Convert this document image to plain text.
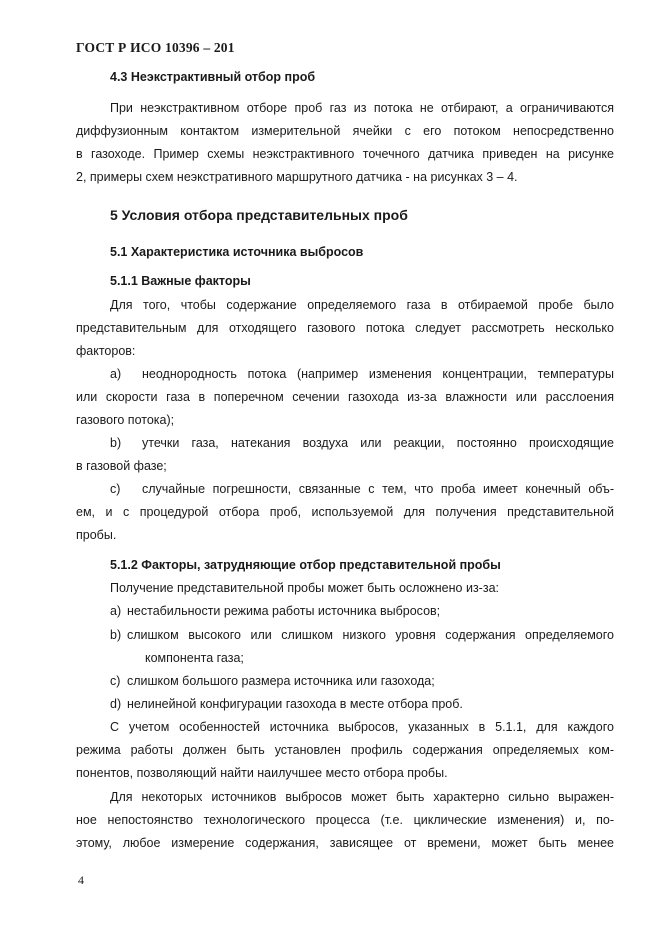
ГОСТ Р ИСО 10396 – 201
4.3 Неэкстрактивный отбор проб
При неэкстрактивном отборе проб газ из потока не отбирают, а ограничиваются
диффузионным контактом измерительной ячейки с его потоком непосредственно
в газоходе. Пример схемы неэкстрактивного точечного датчика приведен на рисунке
2, примеры схем неэкстративного маршрутного датчика - на рисунках 3 – 4.
5 Условия отбора представительных проб
5.1 Характеристика источника выбросов
5.1.1 Важные факторы
Для того, чтобы содержание определяемого газа в отбираемой пробе было
представительным для отходящего газового потока следует рассмотреть несколько
факторов:
a) неоднородность потока (например изменения концентрации, температуры
или скорости газа в поперечном сечении газохода из-за влажности или расслоения
газового потока);
b) утечки газа, натекания воздуха или реакции, постоянно происходящие
в газовой фазе;
c) случайные погрешности, связанные с тем, что проба имеет конечный объ-
ем, и с процедурой отбора проб, используемой для получения представительной
пробы.
5.1.2 Факторы, затрудняющие отбор представительной пробы
Получение представительной пробы может быть осложнено из-за:
a) нестабильности режима работы источника выбросов;
b) слишком высокого или слишком низкого уровня содержания определяемого
компонента газа;
c) слишком большого размера источника или газохода;
d) нелинейной конфигурации газохода в месте отбора проб.
С учетом особенностей источника выбросов, указанных в 5.1.1, для каждого
режима работы должен быть установлен профиль содержания определяемых ком-
понентов, позволяющий найти наилучшее место отбора пробы.
Для некоторых источников выбросов может быть характерно сильно выражен-
ное непостоянство технологического процесса (т.е. циклические изменения) и, по-
этому, любое измерение содержания, зависящее от времени, может быть менее
4
